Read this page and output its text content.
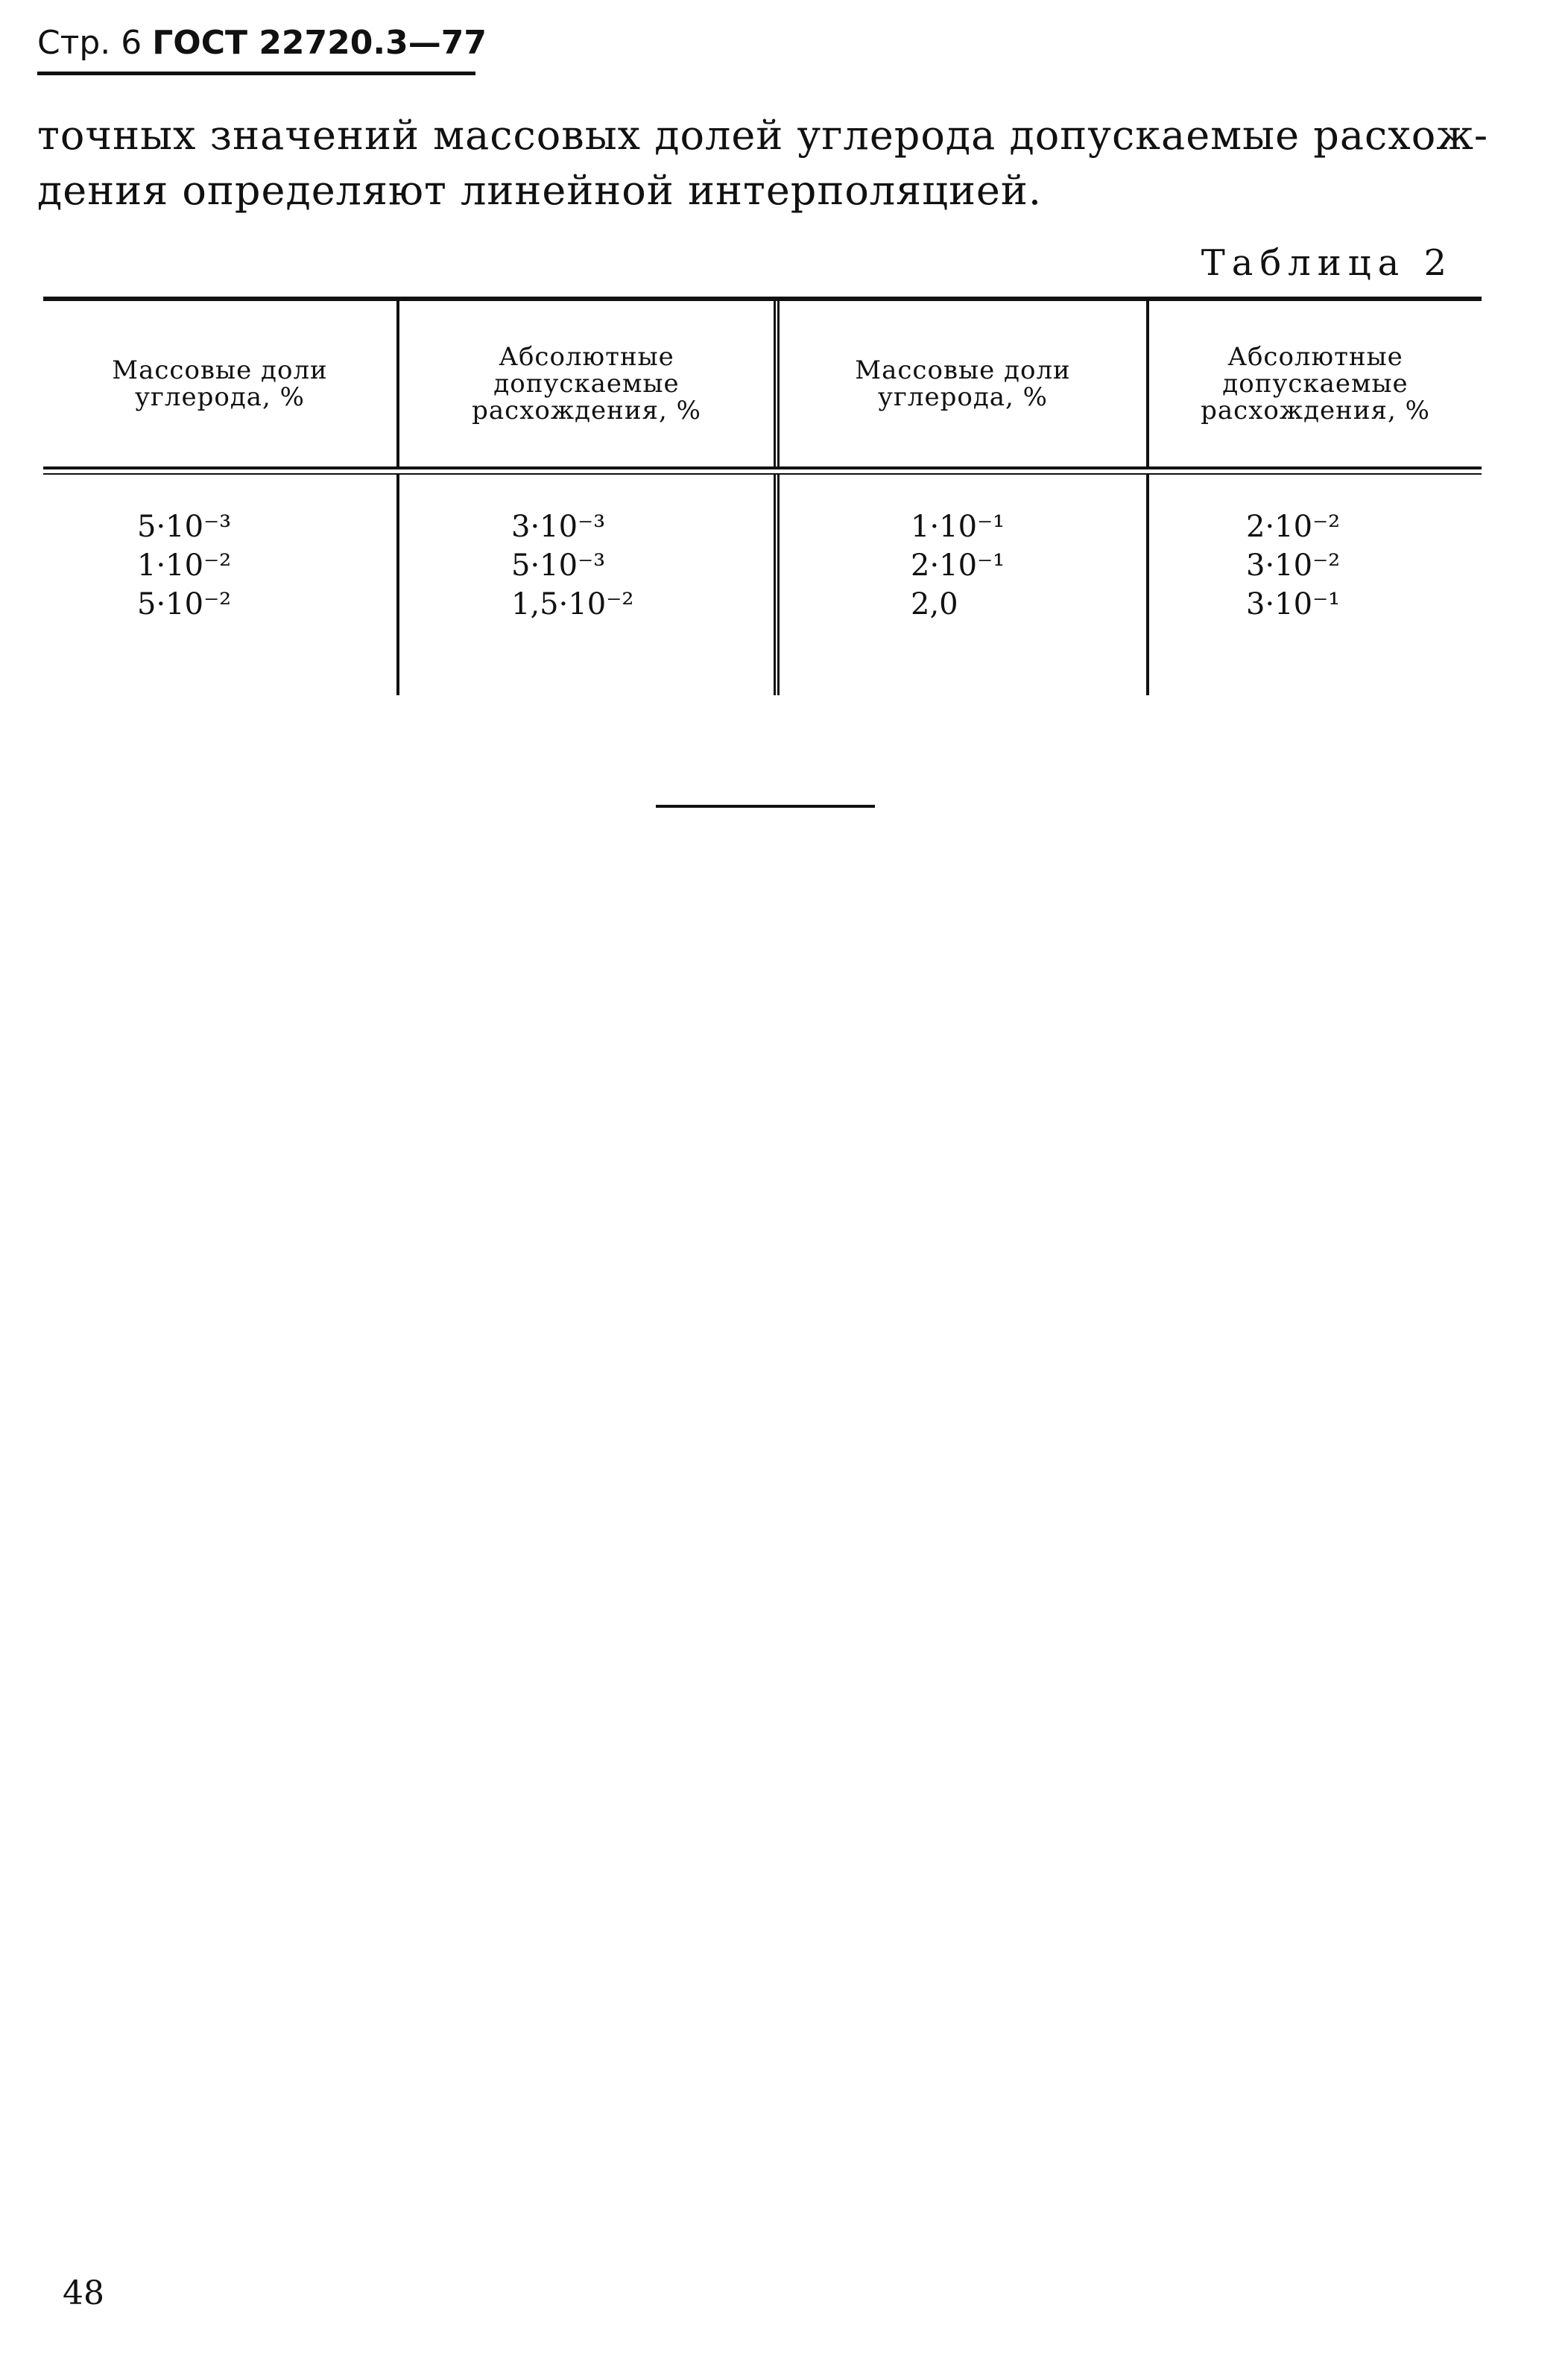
Стр. 6 ГОСТ 22720.3—77
точных значений массовых долей углерода допускаемые расхож-
дения определяют линейной интерполяцией.
Таблица 2
Массовые доли
углерода, %
Абсолютные
допускаемые
расхождения, %
Массовые доли
углерода, %
Абсолютные
допускаемые
расхождения, %
5·10⁻³
1·10⁻²
5·10⁻²
3·10⁻³
5·10⁻³
1,5·10⁻²
1·10⁻¹
2·10⁻¹
2,0
2·10⁻²
3·10⁻²
3·10⁻¹
48
